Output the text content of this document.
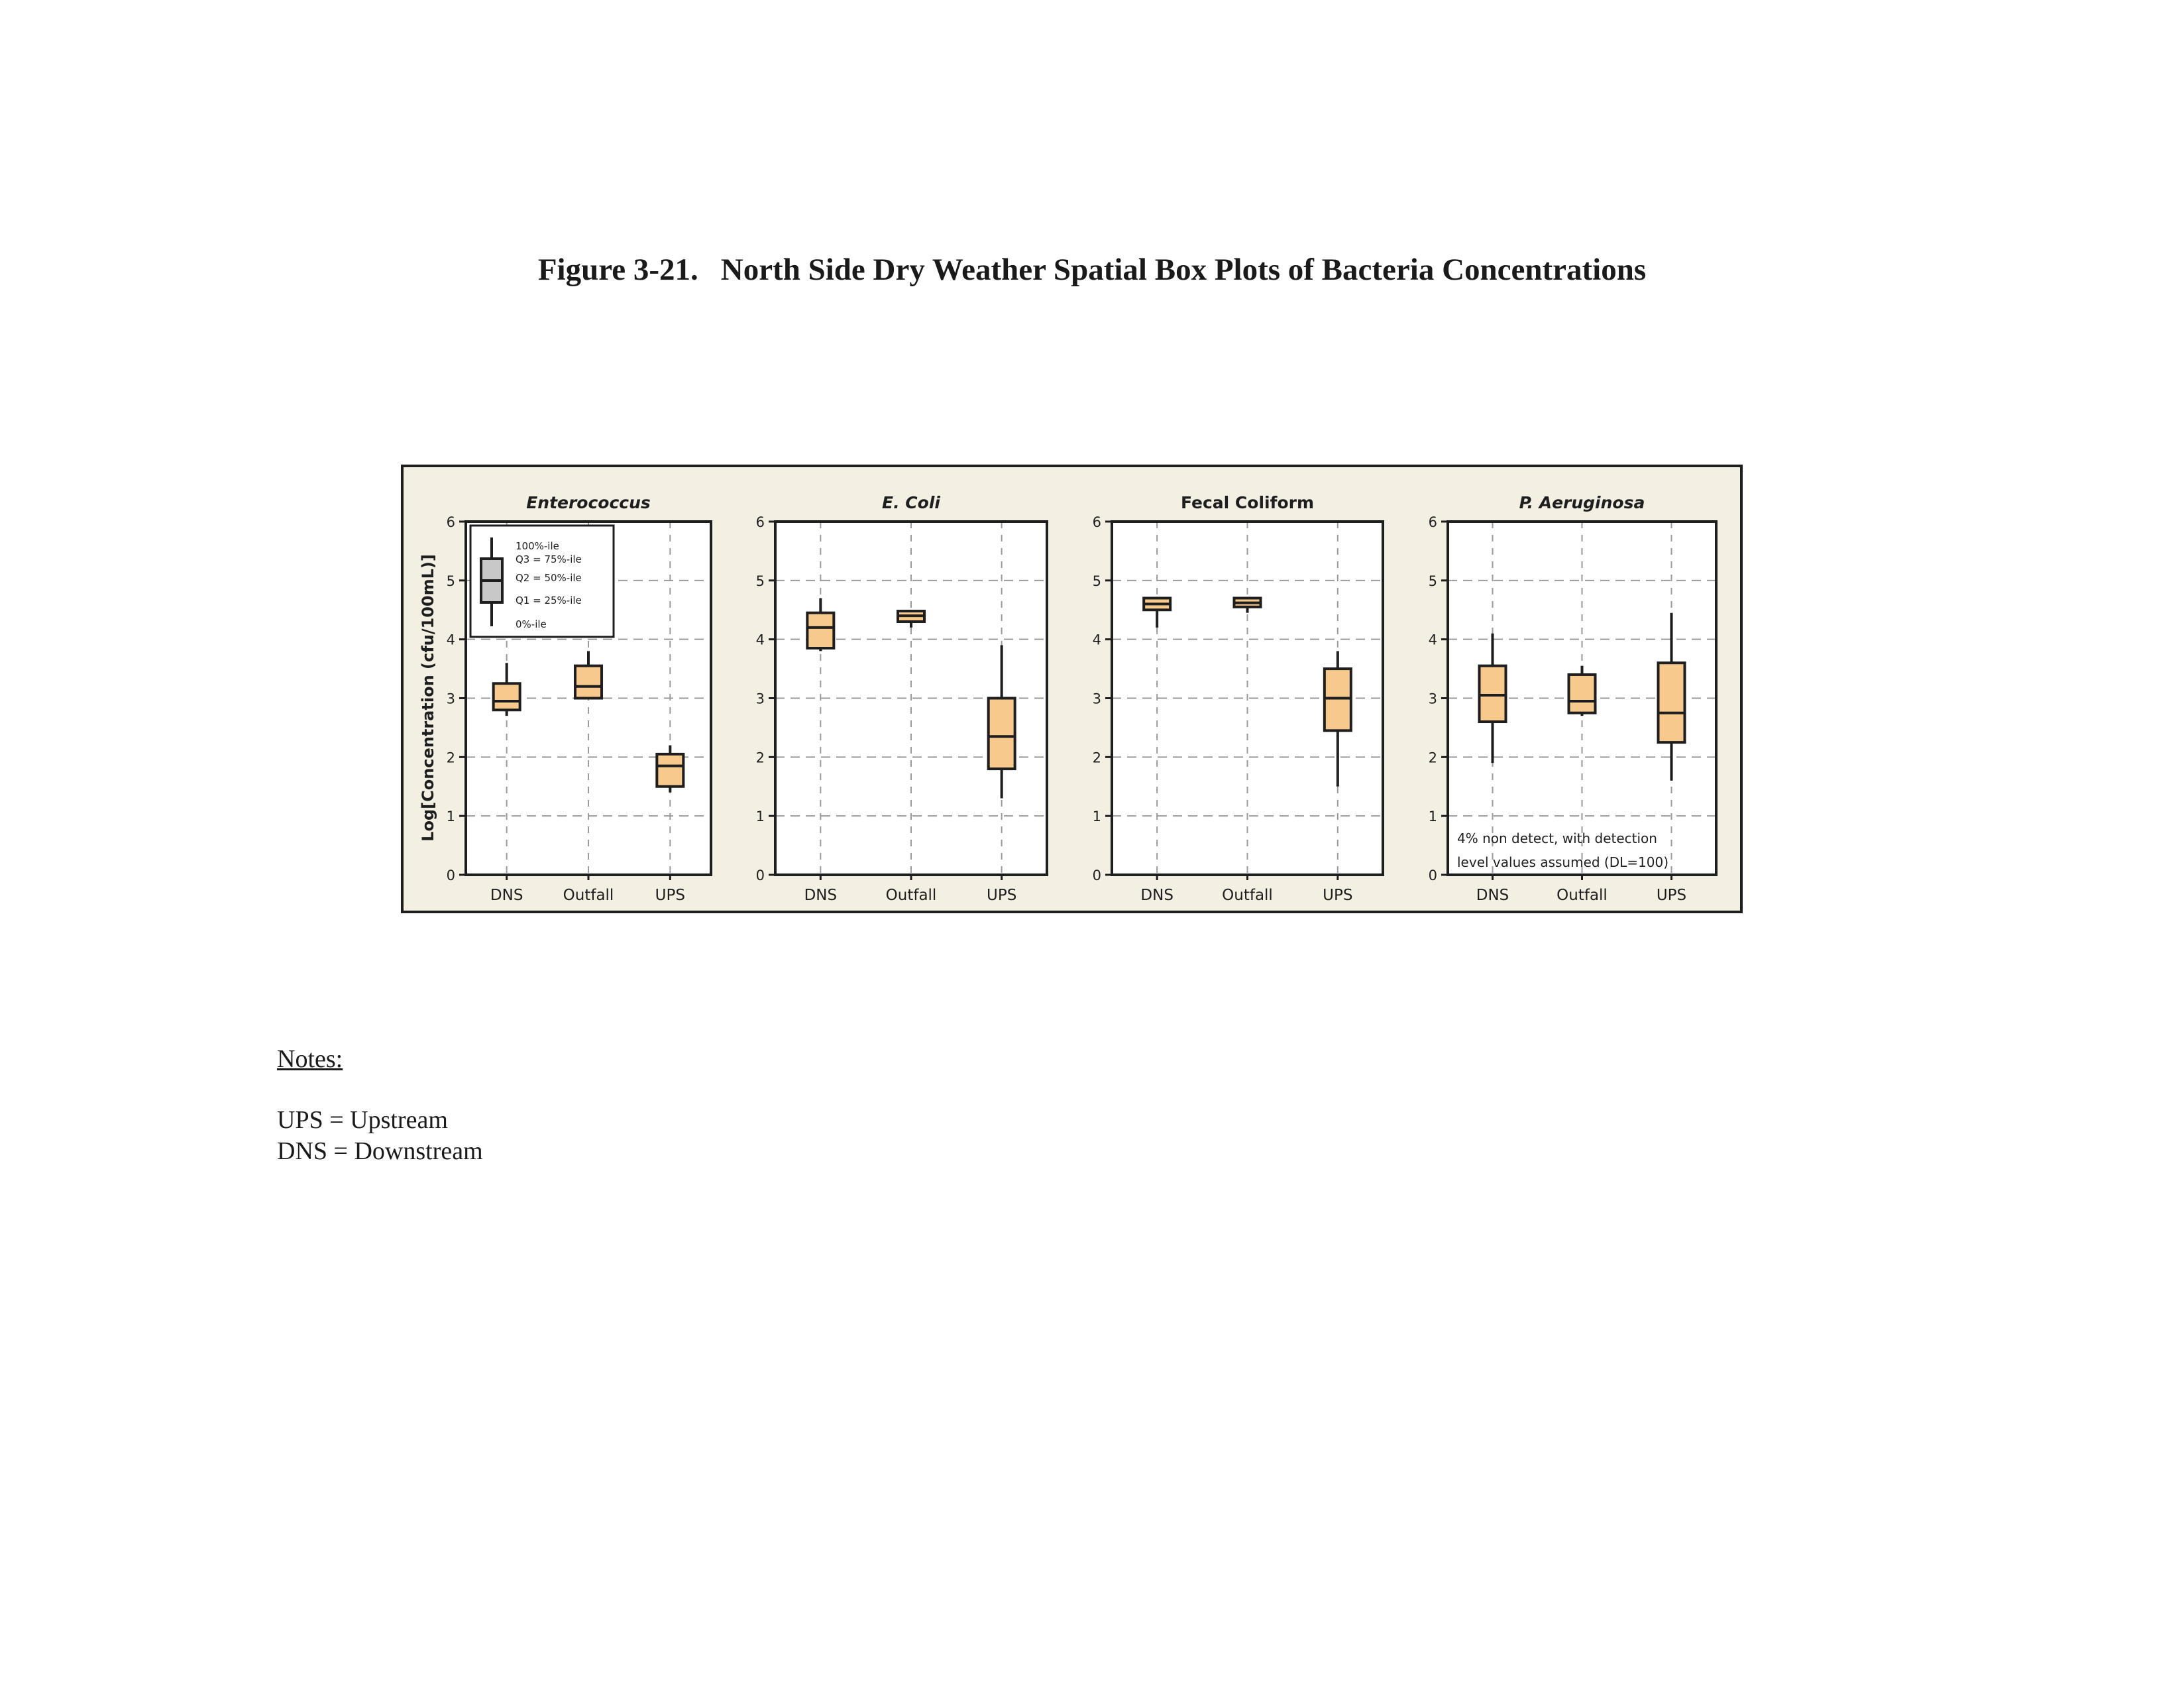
Figure 3-21. North Side Dry Weather Spatial Box Plots of Bacteria Concentrations
0
1
2
3
4
5
6
DNS	Outfall	UPS
Enterococcus
100%-ile
Q3 = 75%-ile
Q2 = 50%-ile
Q1 = 25%-ile
0%-ile
0
1
2
3
4
5
6
DNS	Outfall	UPS
E. Coli
0
1
2
3
4
5
6
DNS	Outfall	UPS
Fecal Coliform
0
1
2
3
4
5
6
DNS	Outfall	UPS
P. Aeruginosa
4% non detect, with detection
level values assumed (DL=100)
Log[Concentration (cfu/100mL)]
Notes:
UPS = Upstream
DNS = Downstream
